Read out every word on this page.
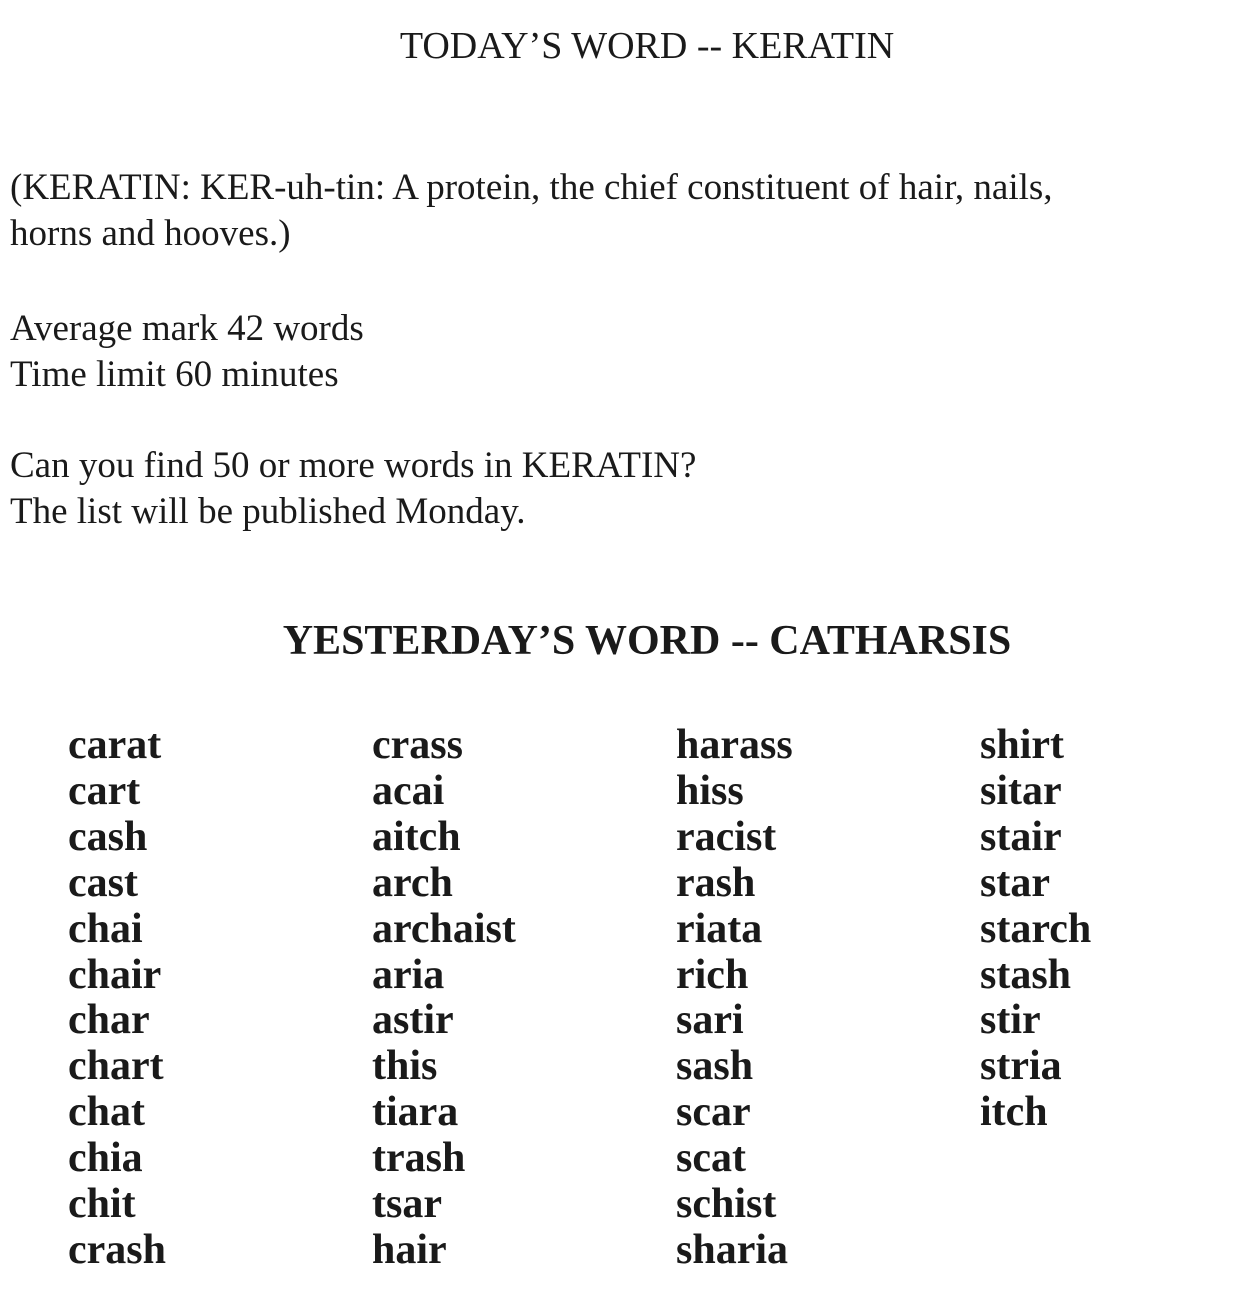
TODAY’S WORD -- KERATIN

(KERATIN: KER-uh-tin: A protein, the chief constituent of hair, nails,
horns and hooves.)

Average mark 42 words
Time limit 60 minutes

Can you find 50 or more words in KERATIN?
The list will be published Monday.

YESTERDAY’S WORD -- CATHARSIS
carat
cart
cash
cast
chai
chair
char
chart
chat
chia
chit
crash
crass
acai
aitch
arch
archaist
aria
astir
this
tiara
trash
tsar
hair
harass
hiss
racist
rash
riata
rich
sari
sash
scar
scat
schist
sharia
shirt
sitar
stair
star
starch
stash
stir
stria
itch
